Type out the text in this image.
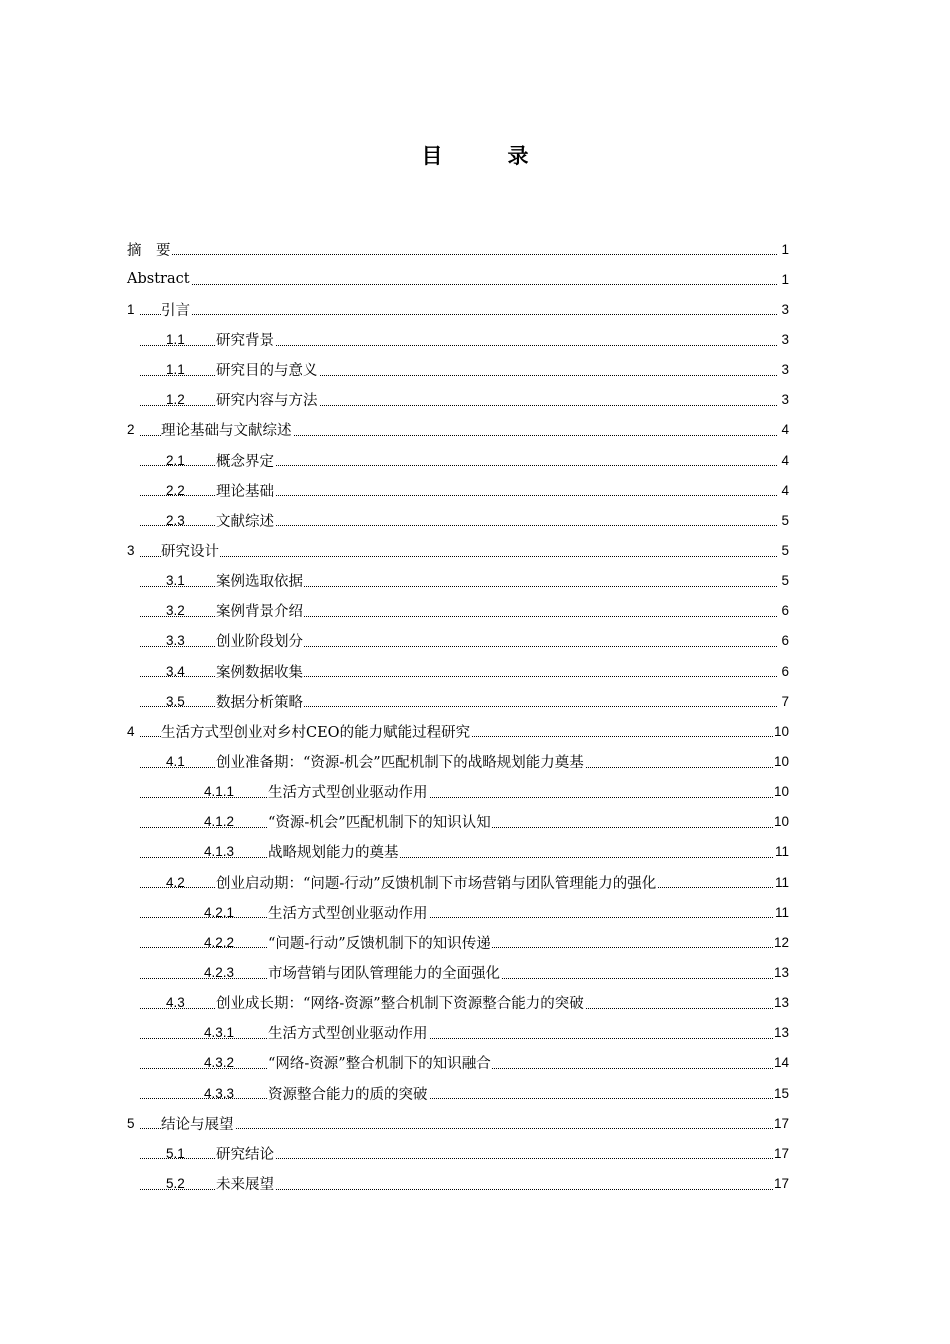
目　录
摘　要	1
Abstract	1
1 引言	3
1.1 研究背景	3
1.1 研究目的与意义	3
1.2 研究内容与方法	3
2 理论基础与文献综述	4
2.1 概念界定	4
2.2 理论基础	4
2.3 文献综述	5
3 研究设计	5
3.1 案例选取依据	5
3.2 案例背景介绍	6
3.3 创业阶段划分	6
3.4 案例数据收集	6
3.5 数据分析策略	7
4 生活方式型创业对乡村CEO的能力赋能过程研究	10
4.1 创业准备期：“资源-机会”匹配机制下的战略规划能力奠基	10
4.1.1 生活方式型创业驱动作用	10
4.1.2 “资源-机会”匹配机制下的知识认知	10
4.1.3 战略规划能力的奠基	11
4.2 创业启动期：“问题-行动”反馈机制下市场营销与团队管理能力的强化	11
4.2.1 生活方式型创业驱动作用	11
4.2.2 “问题-行动”反馈机制下的知识传递	12
4.2.3 市场营销与团队管理能力的全面强化	13
4.3 创业成长期：“网络-资源”整合机制下资源整合能力的突破	13
4.3.1 生活方式型创业驱动作用	13
4.3.2 “网络-资源”整合机制下的知识融合	14
4.3.3 资源整合能力的质的突破	15
5 结论与展望	17
5.1 研究结论	17
5.2 未来展望	17
